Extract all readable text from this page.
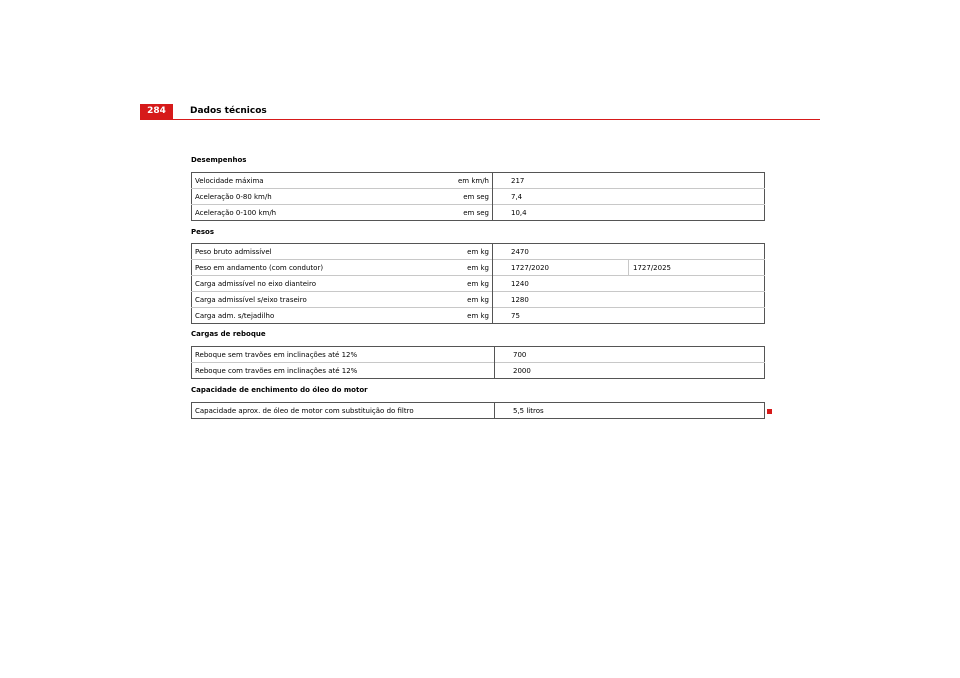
284	Dados técnicos
Desempenhos
Velocidade máxima	em km/h	217
Aceleração 0-80 km/h	em seg	7,4
Aceleração 0-100 km/h	em seg	10,4
Pesos
Peso bruto admissível	em kg	2470	
Peso em andamento (com condutor)	em kg	1727/2020	1727/2025
Carga admissível no eixo dianteiro	em kg	1240	
Carga admissível s/eixo traseiro	em kg	1280	
Carga adm. s/tejadilho	em kg	75	
Cargas de reboque
Reboque sem travões em inclinações até 12%	700
Reboque com travões em inclinações até 12%	2000
Capacidade de enchimento do óleo do motor
Capacidade aprox. de óleo de motor com substituição do filtro	5,5 litros
